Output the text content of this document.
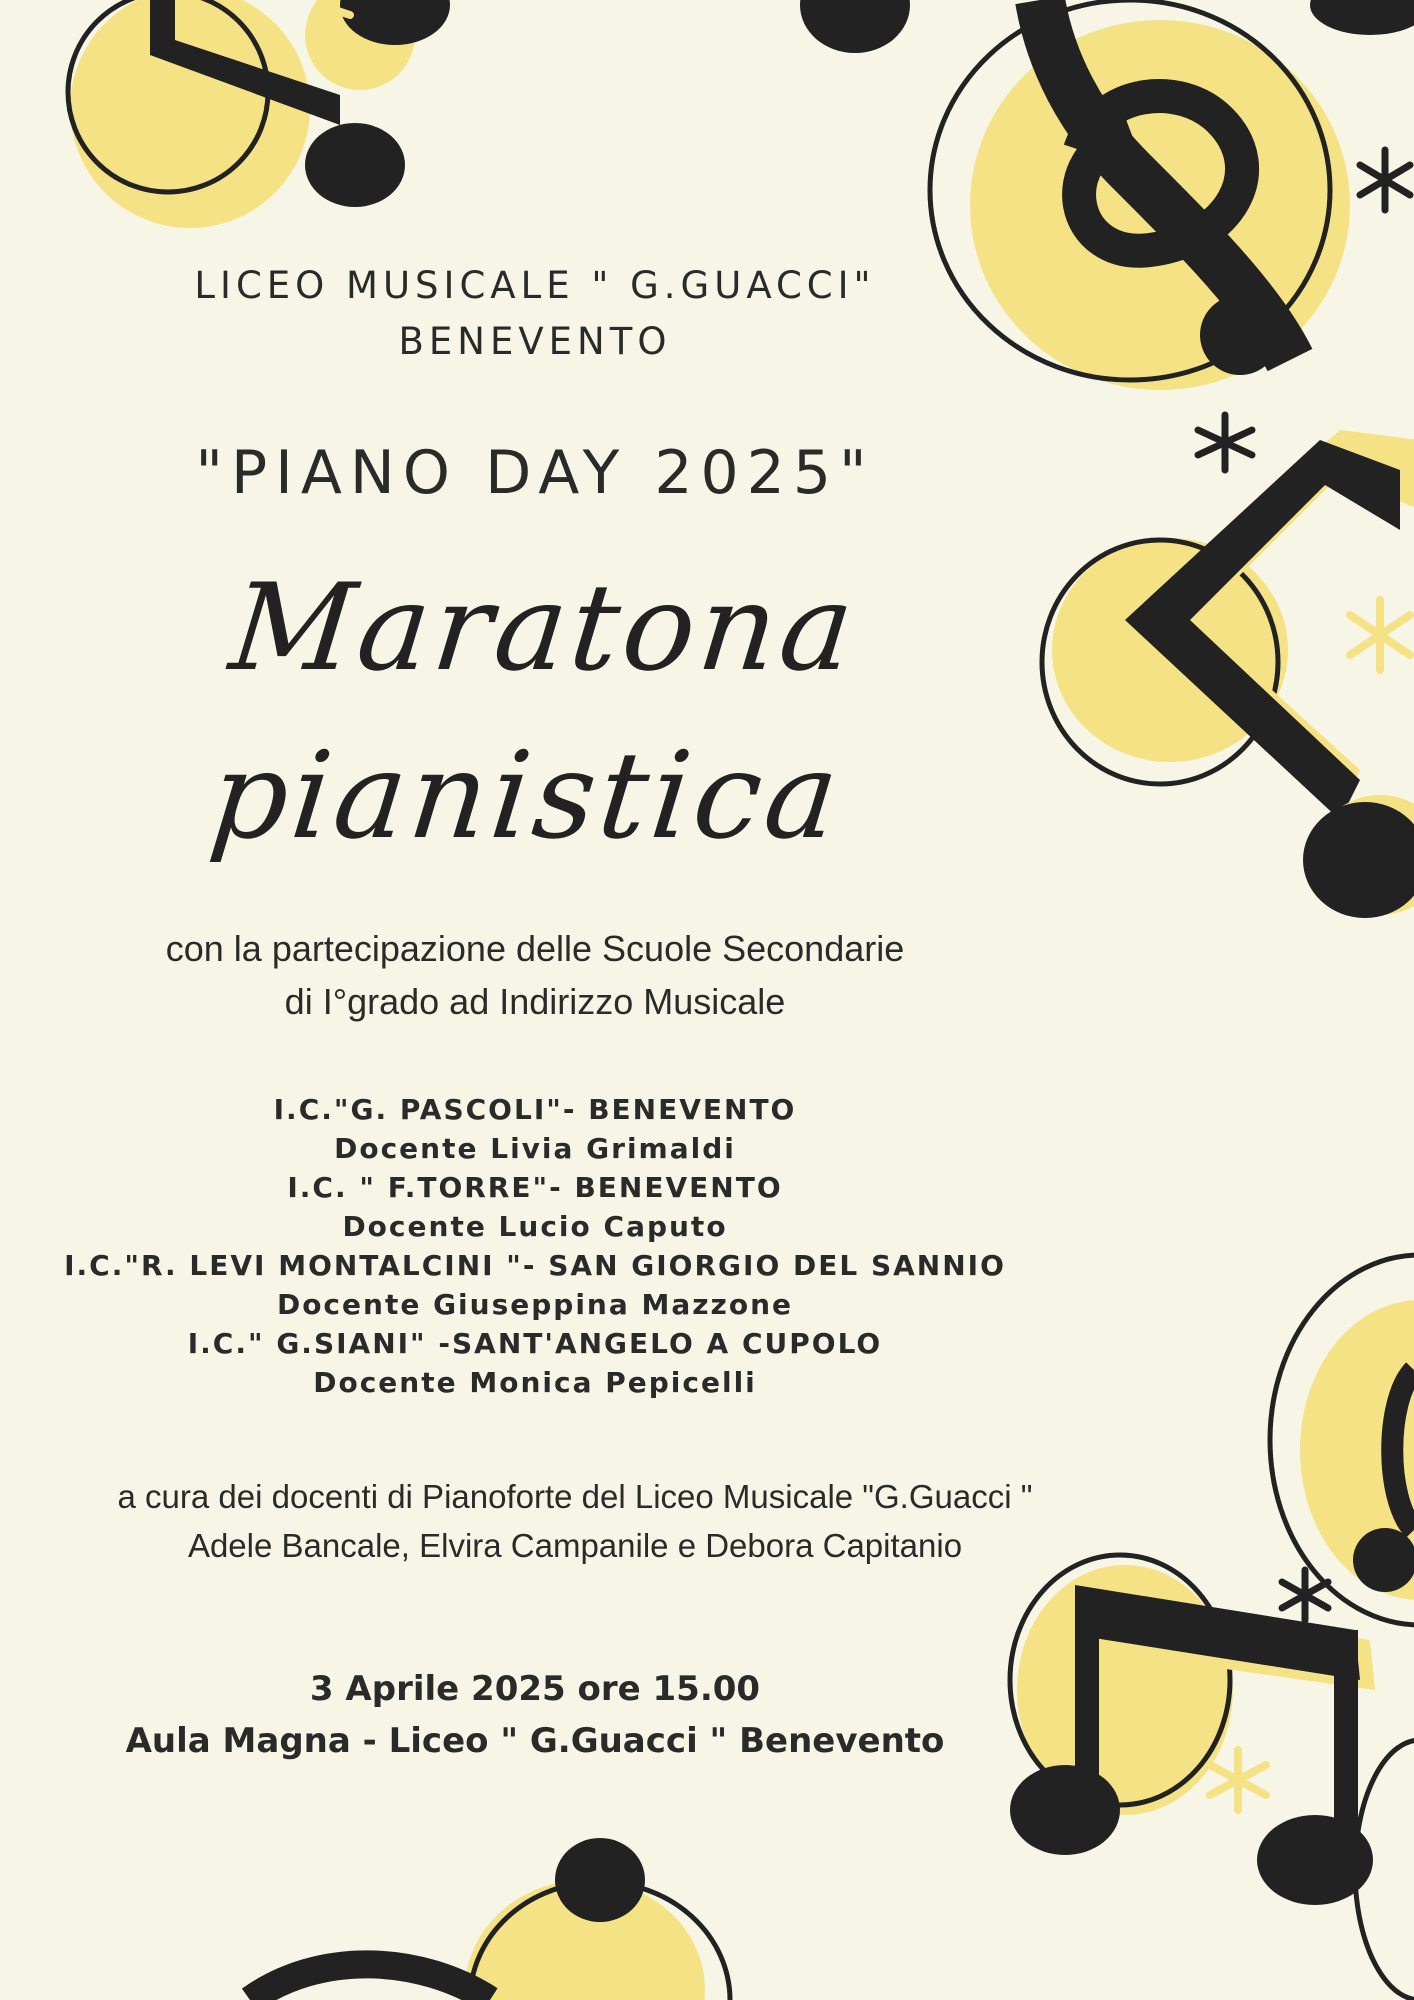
LICEO MUSICALE " G.GUACCI"
BENEVENTO
"PIANO DAY 2025"
Maratona
pianistica
con la partecipazione delle Scuole Secondarie
di I°grado ad Indirizzo Musicale
I.C."G. PASCOLI"- BENEVENTO
Docente Livia Grimaldi
I.C. " F.TORRE"- BENEVENTO
Docente Lucio Caputo
I.C."R. LEVI MONTALCINI "- SAN GIORGIO DEL SANNIO
Docente Giuseppina Mazzone
I.C." G.SIANI" -SANT'ANGELO A CUPOLO
Docente Monica Pepicelli
a cura dei docenti di Pianoforte del Liceo Musicale "G.Guacci "
Adele Bancale, Elvira Campanile e Debora Capitanio
3 Aprile 2025 ore 15.00
Aula Magna - Liceo " G.Guacci " Benevento
